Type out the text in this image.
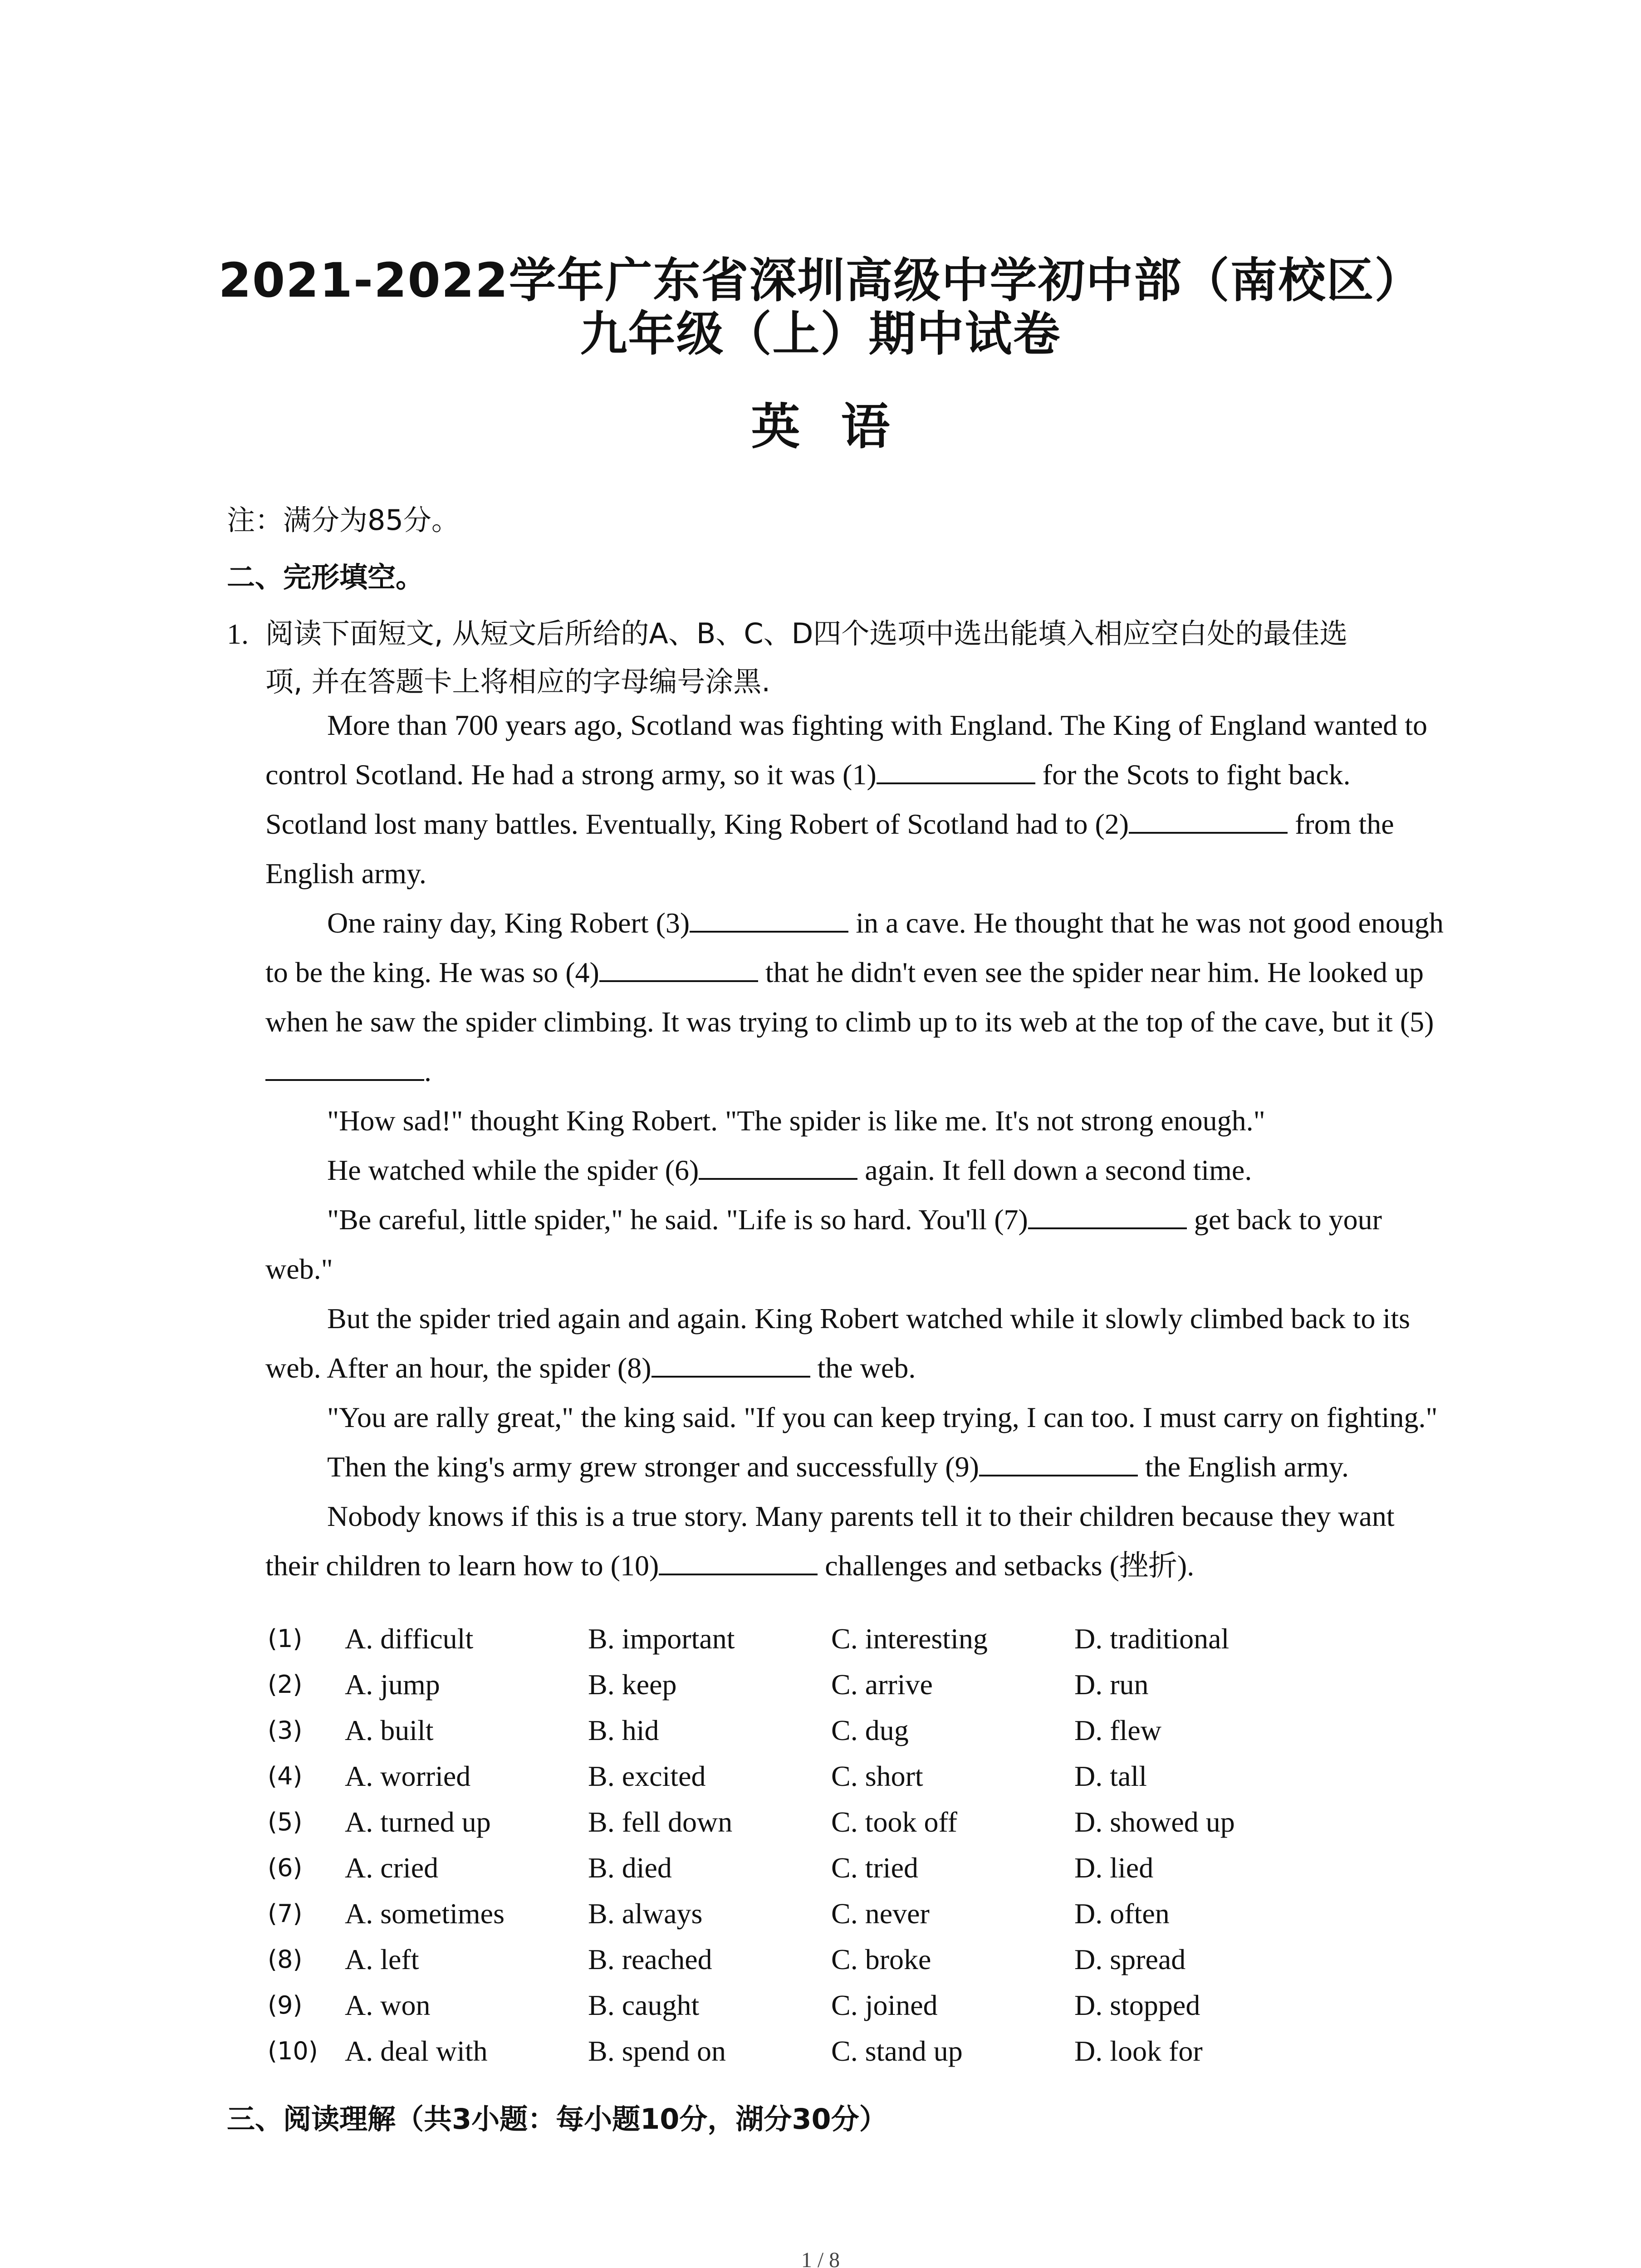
2021-2022学年广东省深圳高级中学初中部（南校区）
九年级（上）期中试卷
英语
注：满分为85分。
二、完形填空。
1. 阅读下面短文, 从短文后所给的A、B、C、D四个选项中选出能填入相应空白处的最佳选
项, 并在答题卡上将相应的字母编号涂黑.

More than 700 years ago, Scotland was fighting with England. The King of England wanted to control Scotland. He had a strong army, so it was (1)	for the Scots to fight back. Scotland lost many battles. Eventually, King Robert of Scotland had to (2)	from the English army.

One rainy day, King Robert (3)	in a cave. He thought that he was not good enough to be the king. He was so (4)	that he didn't even see the spider near him. He looked up when he saw the spider climbing. It was trying to climb up to its web at the top of the cave, but it (5).

"How sad!" thought King Robert. "The spider is like me. It's not strong enough."

He watched while the spider (6)	again. It fell down a second time.

"Be careful, little spider," he said. "Life is so hard. You'll (7)	get back to your web."

But the spider tried again and again. King Robert watched while it slowly climbed back to its web. After an hour, the spider (8)	the web.

"You are rally great," the king said. "If you can keep trying, I can too. I must carry on fighting."

Then the king's army grew stronger and successfully (9)	the English army.

Nobody knows if this is a true story. Many parents tell it to their children because they want their children to learn how to (10)	challenges and setbacks (挫折).

(1)	A. difficult	B. important	C. interesting	D. traditional
(2)	A. jump	B. keep	C. arrive	D. run
(3)	A. built	B. hid	C. dug	D. flew
(4)	A. worried	B. excited	C. short	D. tall
(5)	A. turned up	B. fell down	C. took off	D. showed up
(6)	A. cried	B. died	C. tried	D. lied
(7)	A. sometimes	B. always	C. never	D. often
(8)	A. left	B. reached	C. broke	D. spread
(9)	A. won	B. caught	C. joined	D. stopped
(10) A. deal with	B. spend on	C. stand up	D. look for
三、阅读理解（共3小题：每小题10分，湖分30分）
1 / 8
